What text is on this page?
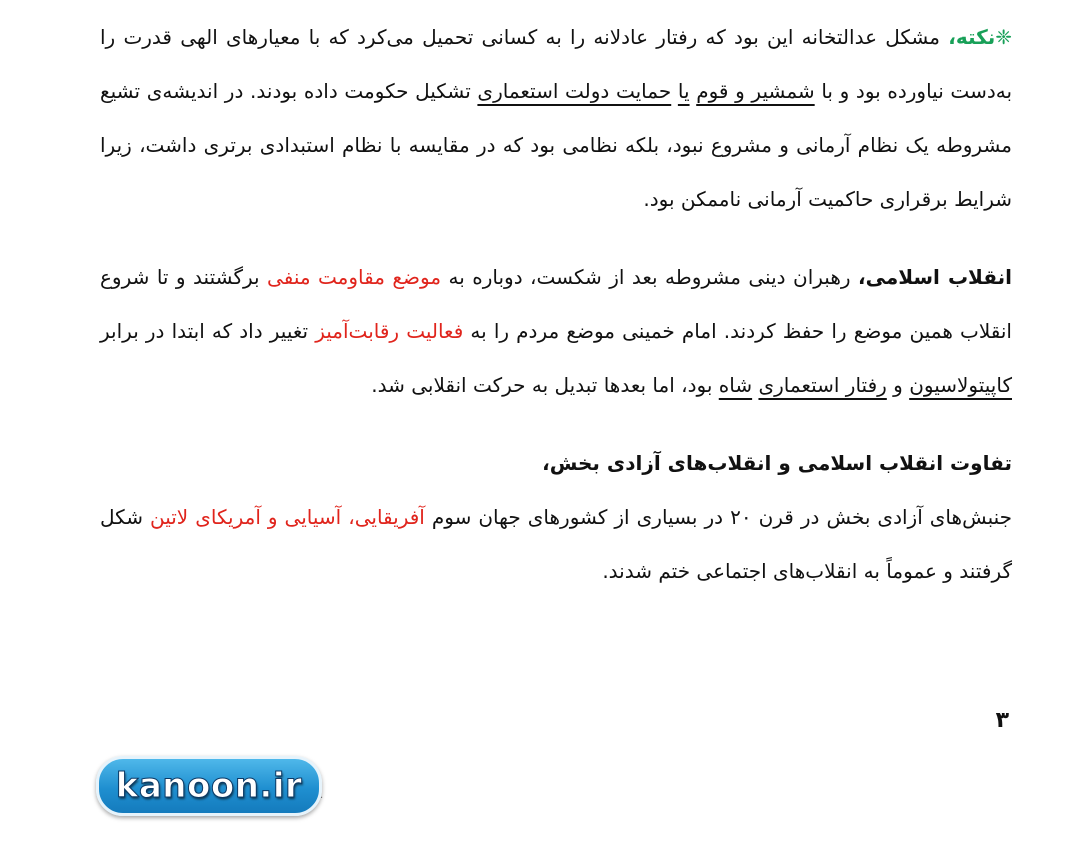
❈نکته، مشکل عدالتخانه این بود که رفتار عادلانه را به کسانی تحمیل می‌کرد که با معیارهای الهی قدرت را به‌دست نیاورده بود و با شمشیر و قوم یا حمایت دولت استعماری تشکیل حکومت داده بودند. در اندیشه‌ی تشیع مشروطه یک نظام آرمانی و مشروع نبود، بلکه نظامی بود که در مقایسه با نظام استبدادی برتری داشت، زیرا شرایط برقراری حاکمیت آرمانی ناممکن بود.

انقلاب اسلامی، رهبران دینی مشروطه بعد از شکست، دوباره به موضع مقاومت منفی برگشتند و تا شروع انقلاب همین موضع را حفظ کردند. امام خمینی موضع مردم را به فعالیت رقابت‌آمیز تغییر داد که ابتدا در برابر کاپیتولاسیون و رفتار استعماری شاه بود، اما بعدها تبدیل به حرکت انقلابی شد.

تفاوت انقلاب اسلامی و انقلاب‌های آزادی بخش،

جنبش‌های آزادی بخش در قرن ۲۰ در بسیاری از کشورهای جهان سوم آفریقایی، آسیایی و آمریکای لاتین شکل گرفتند و عموماً به انقلاب‌های اجتماعی ختم شدند.

۳
kanoon.ir .
